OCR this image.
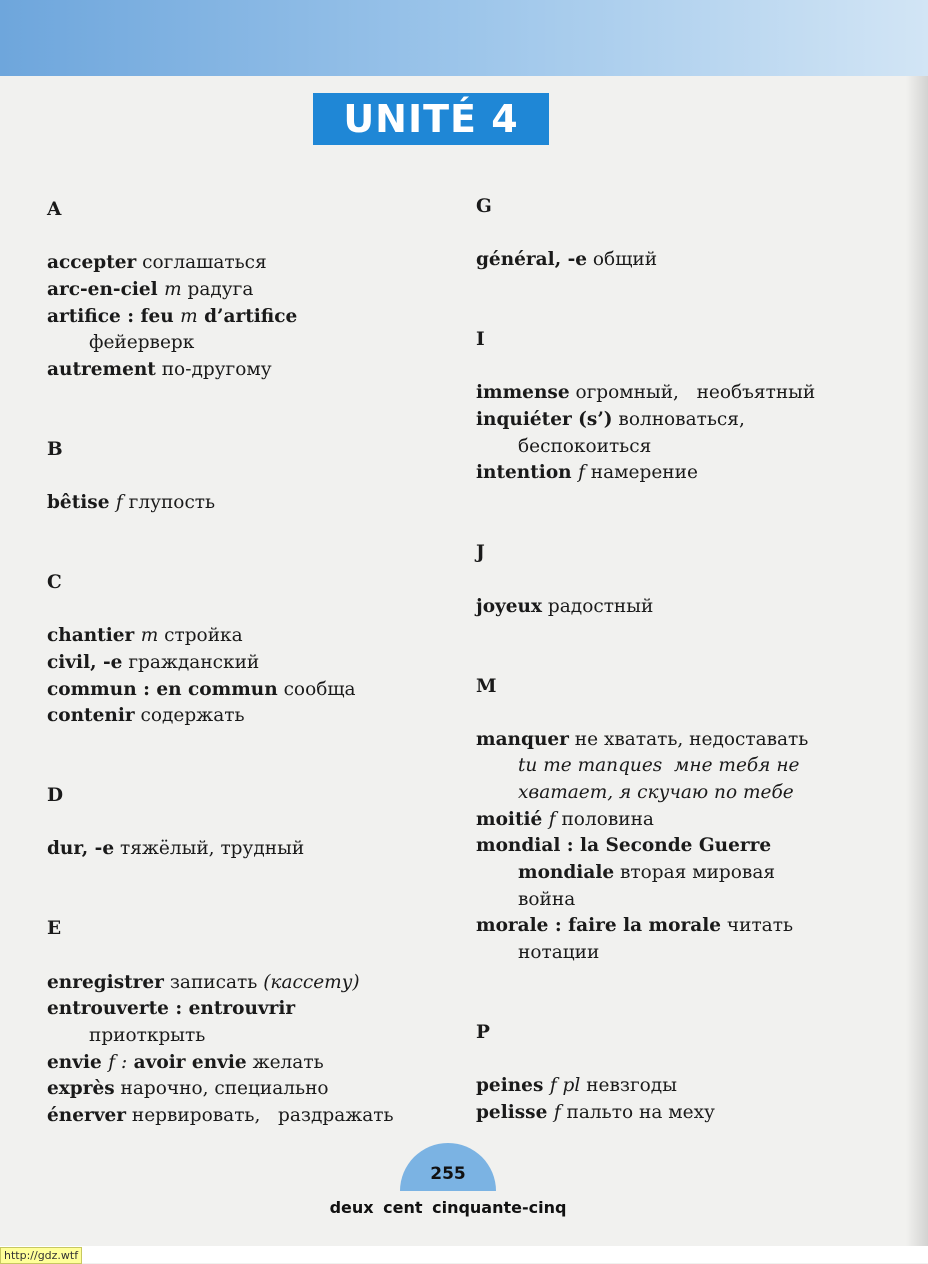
UNITÉ 4
A
accepter соглашаться
arc-en-ciel m радуга
artifice : feu m d’artifice
фейерверк
autrement по-другому
B
bêtise f глупость
C
chantier m стройка
civil, -e гражданский
commun : en commun сообща
contenir содержать
D
dur, -e тяжёлый, трудный
E
enregistrer записать (кассету)
entrouverte : entrouvrir
приоткрыть
envie f : avoir envie желать
exprès нарочно, специально
énerver нервировать,   раздражать
G
général, -e общий
I
immense огромный,   необъятный
inquiéter (s’) волноваться,
беспокоиться
intention f намерение
J
joyeux радостный
M
manquer не хватать, недоставать
tu me manques  мне тебя не
хватает, я скучаю по тебе
moitié f половина
mondial : la Seconde Guerre
mondiale вторая мировая
война
morale : faire la morale читать
нотации
P
peines f pl невзгоды
pelisse f пальто на меху
255
deux cent cinquante-cinq
http://gdz.wtf
